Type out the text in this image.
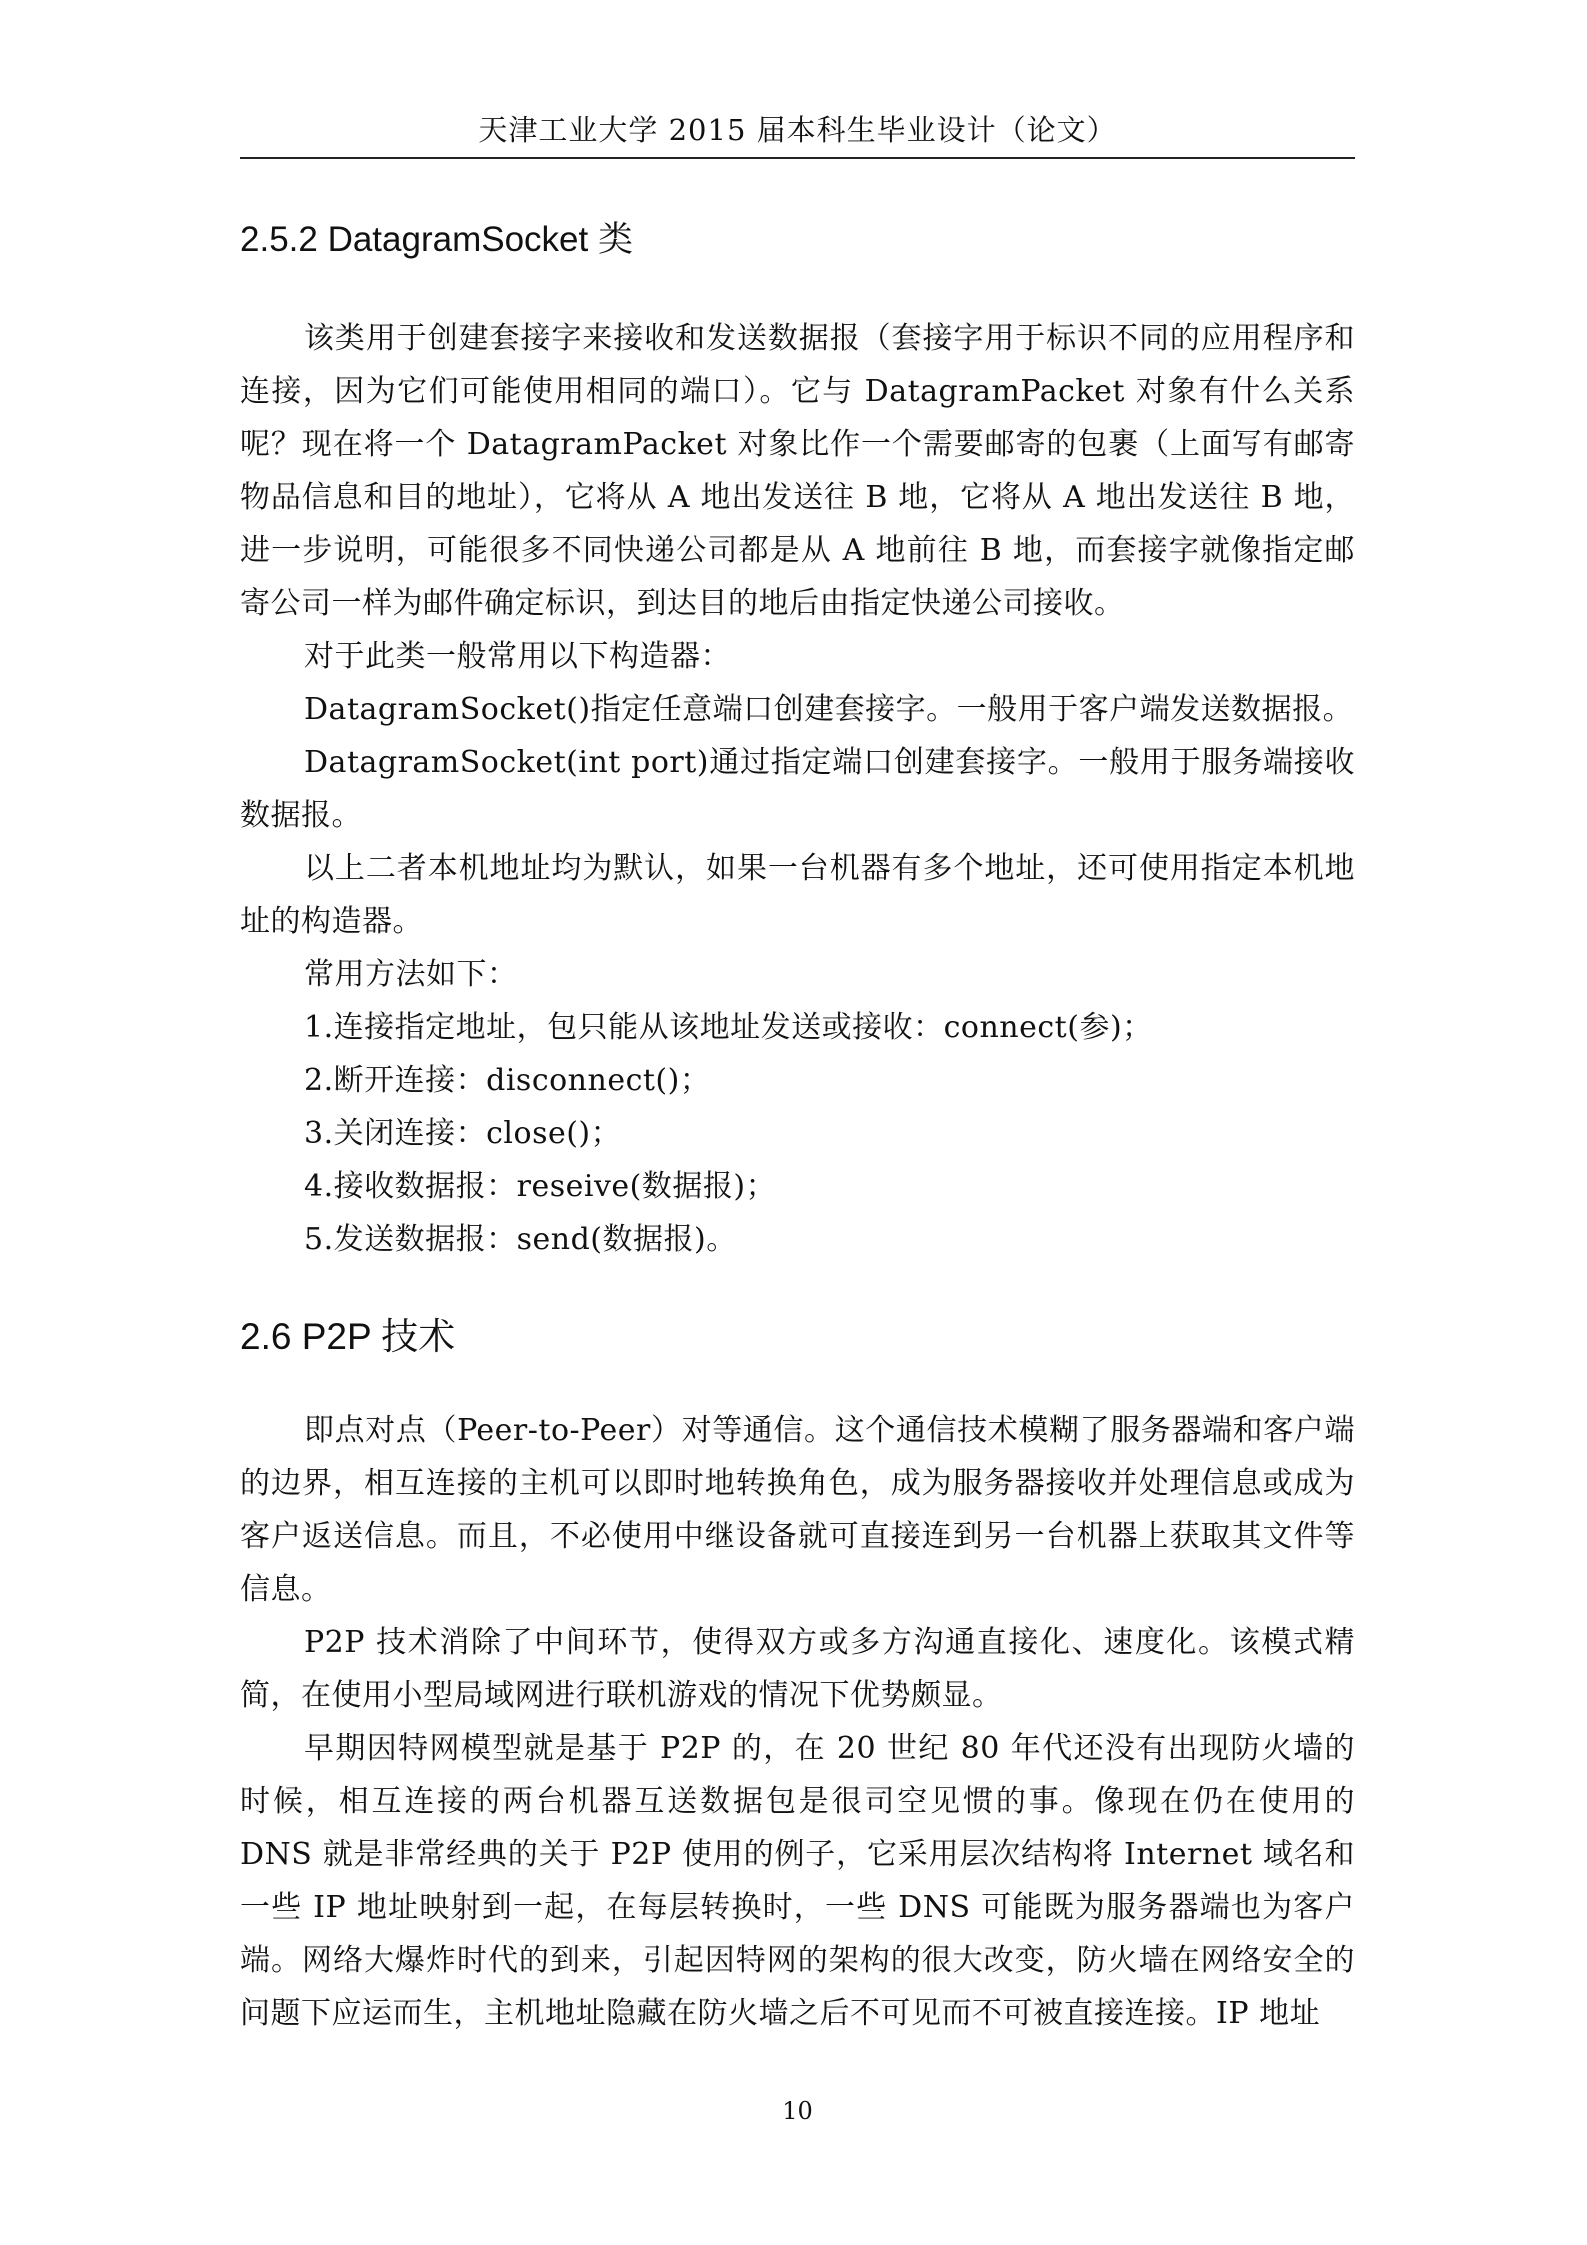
天津工业大学 2015 届本科生毕业设计（论文）
2.5.2 DatagramSocket 类

该类用于创建套接字来接收和发送数据报（套接字用于标识不同的应用程序和连接，因为它们可能使用相同的端口）。它与 DatagramPacket 对象有什么关系呢？现在将一个 DatagramPacket 对象比作一个需要邮寄的包裹（上面写有邮寄物品信息和目的地址），它将从 A 地出发送往 B 地，它将从 A 地出发送往 B 地，进一步说明，可能很多不同快递公司都是从 A 地前往 B 地，而套接字就像指定邮寄公司一样为邮件确定标识，到达目的地后由指定快递公司接收。

对于此类一般常用以下构造器：

DatagramSocket()指定任意端口创建套接字。一般用于客户端发送数据报。

DatagramSocket(int port)通过指定端口创建套接字。一般用于服务端接收数据报。

以上二者本机地址均为默认，如果一台机器有多个地址，还可使用指定本机地址的构造器。

常用方法如下：

1.连接指定地址，包只能从该地址发送或接收：connect(参)；

2.断开连接：disconnect()；

3.关闭连接：close()；

4.接收数据报：reseive(数据报)；

5.发送数据报：send(数据报)。

2.6 P2P 技术

即点对点（Peer-to-Peer）对等通信。这个通信技术模糊了服务器端和客户端的边界，相互连接的主机可以即时地转换角色，成为服务器接收并处理信息或成为客户返送信息。而且，不必使用中继设备就可直接连到另一台机器上获取其文件等信息。

P2P 技术消除了中间环节，使得双方或多方沟通直接化、速度化。该模式精简，在使用小型局域网进行联机游戏的情况下优势颇显。

早期因特网模型就是基于 P2P 的，在 20 世纪 80 年代还没有出现防火墙的时候，相互连接的两台机器互送数据包是很司空见惯的事。像现在仍在使用的 DNS 就是非常经典的关于 P2P 使用的例子，它采用层次结构将 Internet 域名和一些 IP 地址映射到一起，在每层转换时，一些 DNS 可能既为服务器端也为客户端。网络大爆炸时代的到来，引起因特网的架构的很大改变，防火墙在网络安全的问题下应运而生，主机地址隐藏在防火墙之后不可见而不可被直接连接。IP 地址

10
